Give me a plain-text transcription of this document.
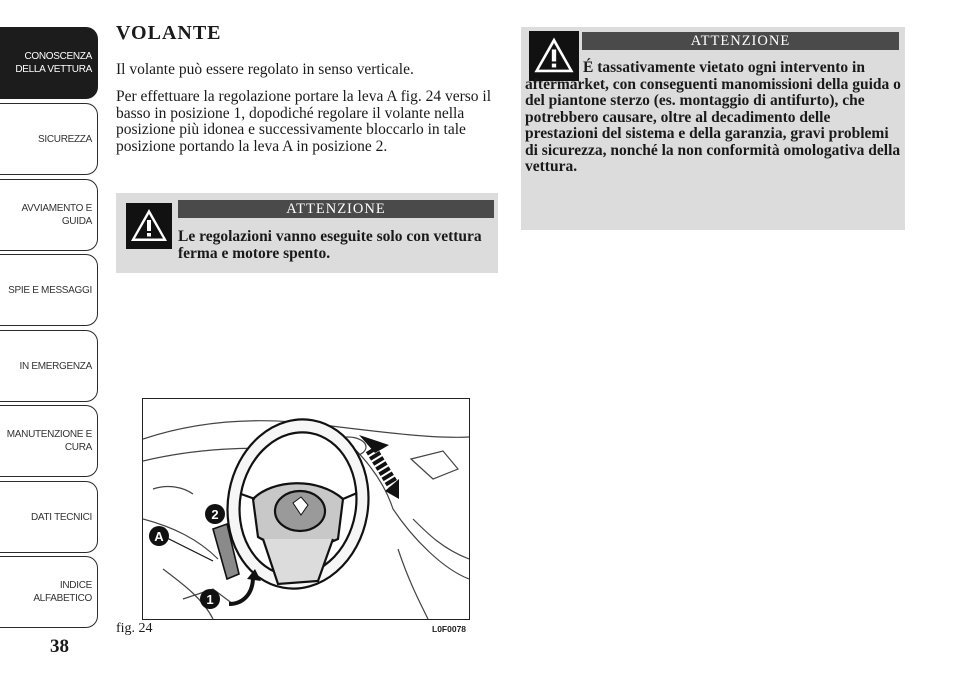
CONOSCENZA
DELLA VETTURA
SICUREZZA
AVVIAMENTO E
GUIDA
SPIE E MESSAGGI
IN EMERGENZA
MANUTENZIONE E
CURA
DATI TECNICI
INDICE
ALFABETICO
38
VOLANTE

Il volante può essere regolato in senso verticale.

Per effettuare la regolazione portare la leva A fig. 24 verso il basso in posizione 1, dopodiché regolare il volante nella posizione più idonea e successivamente bloccarlo in tale posizione portando la leva A in posizione 2.

ATTENZIONE

Le regolazioni vanno eseguite solo con vettura ferma e motore spento.

ATTENZIONE

É tassativamente vietato ogni intervento in aftermarket, con conseguenti manomissioni della guida o del piantone sterzo (es. montaggio di antifurto), che potrebbero causare, oltre al decadimento delle prestazioni del sistema e della garanzia, gravi problemi di sicurezza, nonché la non conformità omologativa della vettura.

A
2
1
fig. 24	L0F0078
